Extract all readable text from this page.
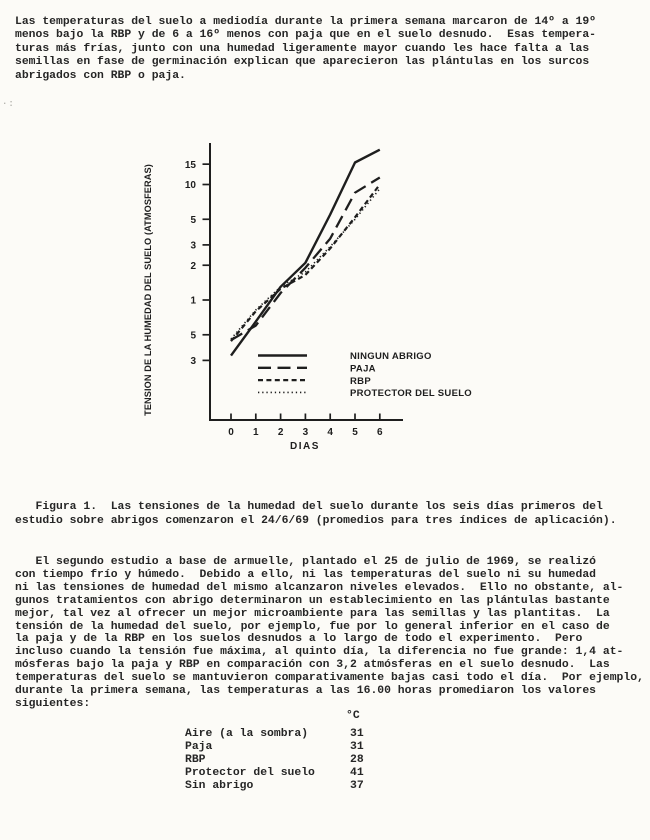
·:
Las temperaturas del suelo a mediodía durante la primera semana marcaron de 14º a 19º
menos bajo la RBP y de 6 a 16º menos con paja que en el suelo desnudo.  Esas tempera-
turas más frías, junto con una humedad ligeramente mayor cuando les hace falta a las
semillas en fase de germinación explican que aparecieron las plántulas en los surcos
abrigados con RBP o paja.
15
10
5
3
2
1
5
3
0 1 2 3 4 5 6
DIAS
TENSION DE LA HUMEDAD DEL SUELO (ATMOSFERAS)	NINGUN ABRIGO
PAJA
RBP
PROTECTOR DEL SUELO
Figura 1.  Las tensiones de la humedad del suelo durante los seis días primeros del
estudio sobre abrigos comenzaron el 24/6/69 (promedios para tres índices de aplicación).
El segundo estudio a base de armuelle, plantado el 25 de julio de 1969, se realizó
con tiempo frío y húmedo.  Debido a ello, ni las temperaturas del suelo ni su humedad
ni las tensiones de humedad del mismo alcanzaron niveles elevados.  Ello no obstante, al-
gunos tratamientos con abrigo determinaron un establecimiento en las plántulas bastante
mejor, tal vez al ofrecer un mejor microambiente para las semillas y las plantitas.  La
tensión de la humedad del suelo, por ejemplo, fue por lo general inferior en el caso de
la paja y de la RBP en los suelos desnudos a lo largo de todo el experimento.  Pero
incluso cuando la tensión fue máxima, al quinto día, la diferencia no fue grande: 1,4 at-
mósferas bajo la paja y RBP en comparación con 3,2 atmósferas en el suelo desnudo.  Las
temperaturas del suelo se mantuvieron comparativamente bajas casi todo el día.  Por ejemplo,
durante la primera semana, las temperaturas a las 16.00 horas promediaron los valores
siguientes:
°C
Aire (a la sombra)	31
Paja	31
RBP	28
Protector del suelo	41
Sin abrigo	37
